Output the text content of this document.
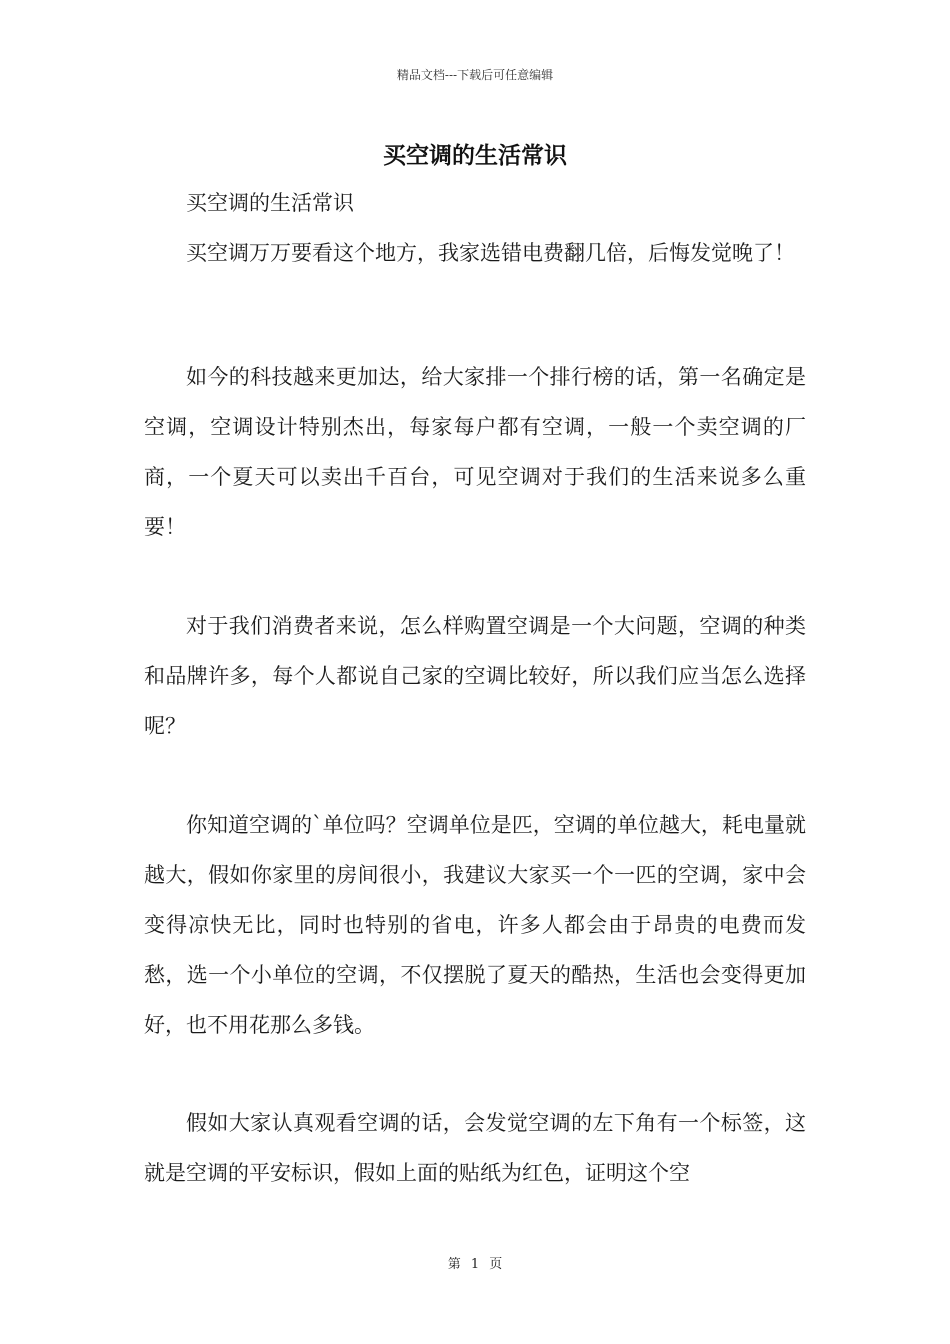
精品文档---下载后可任意编辑
买空调的生活常识
买空调的生活常识
买空调万万要看这个地方，我家选错电费翻几倍，后悔发觉晚了！
如今的科技越来更加达，给大家排一个排行榜的话，第一名确定是空调，空调设计特别杰出，每家每户都有空调，一般一个卖空调的厂商，一个夏天可以卖出千百台，可见空调对于我们的生活来说多么重要！
对于我们消费者来说，怎么样购置空调是一个大问题，空调的种类和品牌许多，每个人都说自己家的空调比较好，所以我们应当怎么选择呢？
你知道空调的`单位吗？空调单位是匹，空调的单位越大，耗电量就越大，假如你家里的房间很小，我建议大家买一个一匹的空调，家中会变得凉快无比，同时也特别的省电，许多人都会由于昂贵的电费而发愁，选一个小单位的空调，不仅摆脱了夏天的酷热，生活也会变得更加好，也不用花那么多钱。
假如大家认真观看空调的话，会发觉空调的左下角有一个标签，这就是空调的平安标识，假如上面的贴纸为红色，证明这个空
第 1 页
